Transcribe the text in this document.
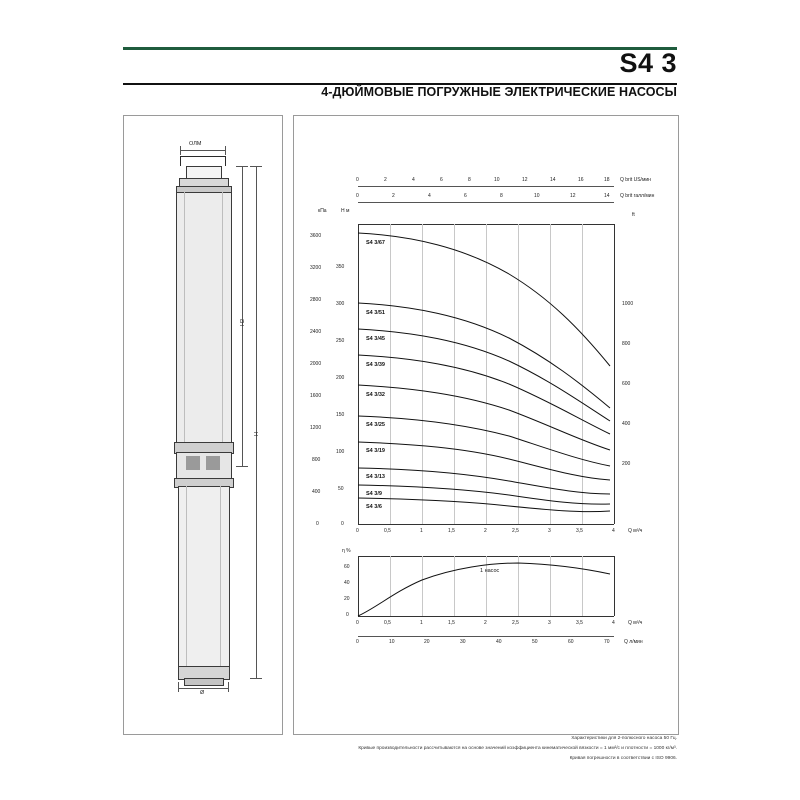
S4 3
4-ДЮЙМОВЫЕ ПОГРУЖНЫЕ ЭЛЕКТРИЧЕСКИЕ НАСОСЫ
ОЛM
Ø
H2
H
0	2	4	6	8	10	12	14	16	18 Q brit US/мин
0	2	4	6	8	10	12	14 Q brit галл/мин
кПа	H м
ft
0
400
800
1200
1600
2000
2400
2800
3200
3600
0
50
100
150
200
250
300
350
200
400
600
800
1000
0	0,5	1	1,5	2	2,5	3	3,5	4	Q м³/ч
S4 3/67
S4 3/51
S4 3/45
S4 3/39
S4 3/32
S4 3/25
S4 3/19
S4 3/13
S4 3/9
S4 3/6
η %
0
20
40
60
1 насос
0	0,5	1	1,5	2	2,5	3	3,5	4	Q м³/ч
0	10	20	30	40	50	60	70	Q л/мин
Характеристики для 2-полюсного насоса 50 Гц.
Кривые производительности рассчитываются на основе значений коэффициента кинематической вязкости = 1 мм²/с и плотности = 1000 кг/м³.
Кривая погрешности в соответствии с ISO 9906.
